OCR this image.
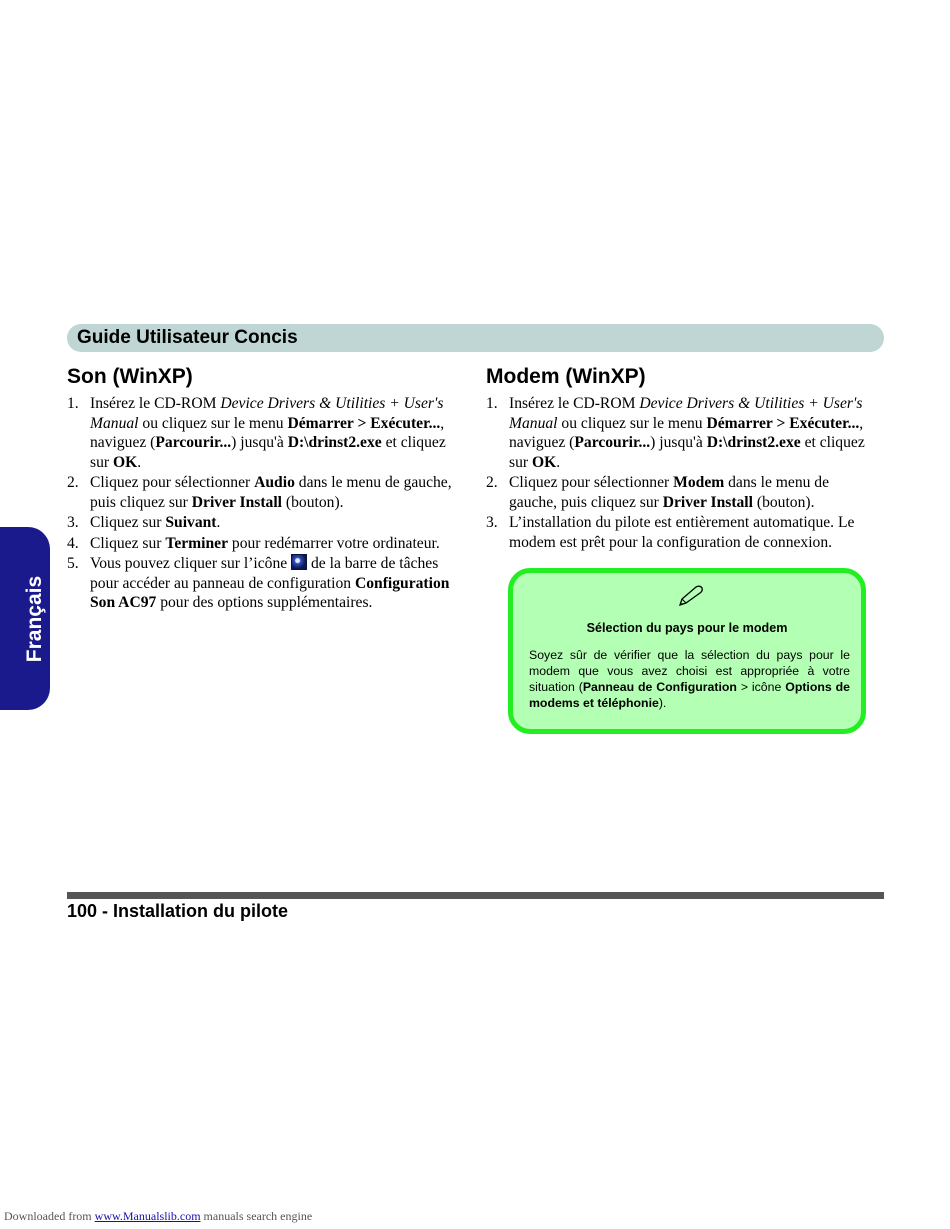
Guide Utilisateur Concis
Français
Son (WinXP)
1. Insérez le CD-ROM Device Drivers & Utilities + User's Manual ou cliquez sur le menu Démarrer > Exécuter..., naviguez (Parcourir...) jusqu'à D:\drinst2.exe et cliquez sur OK.
2. Cliquez pour sélectionner Audio dans le menu de gauche, puis cliquez sur Driver Install (bouton).
3. Cliquez sur Suivant.
4. Cliquez sur Terminer pour redémarrer votre ordinateur.
5. Vous pouvez cliquer sur l’icône  de la barre de tâches pour accéder au panneau de configuration Configuration Son AC97 pour des options supplémentaires.
Modem (WinXP)
1. Insérez le CD-ROM Device Drivers & Utilities + User's Manual ou cliquez sur le menu Démarrer > Exécuter..., naviguez (Parcourir...) jusqu'à D:\drinst2.exe et cliquez sur OK.
2. Cliquez pour sélectionner Modem dans le menu de gauche, puis cliquez sur Driver Install (bouton).
3. L’installation du pilote est entièrement automatique. Le modem est prêt pour la configuration de connexion.
Sélection du pays pour le modem
Soyez sûr de vérifier que la sélection du pays pour le modem que vous avez choisi est appropriée à votre situation (Panneau de Configuration > icône Options de modems et téléphonie).
100 - Installation du pilote
Downloaded from www.Manualslib.com manuals search engine
